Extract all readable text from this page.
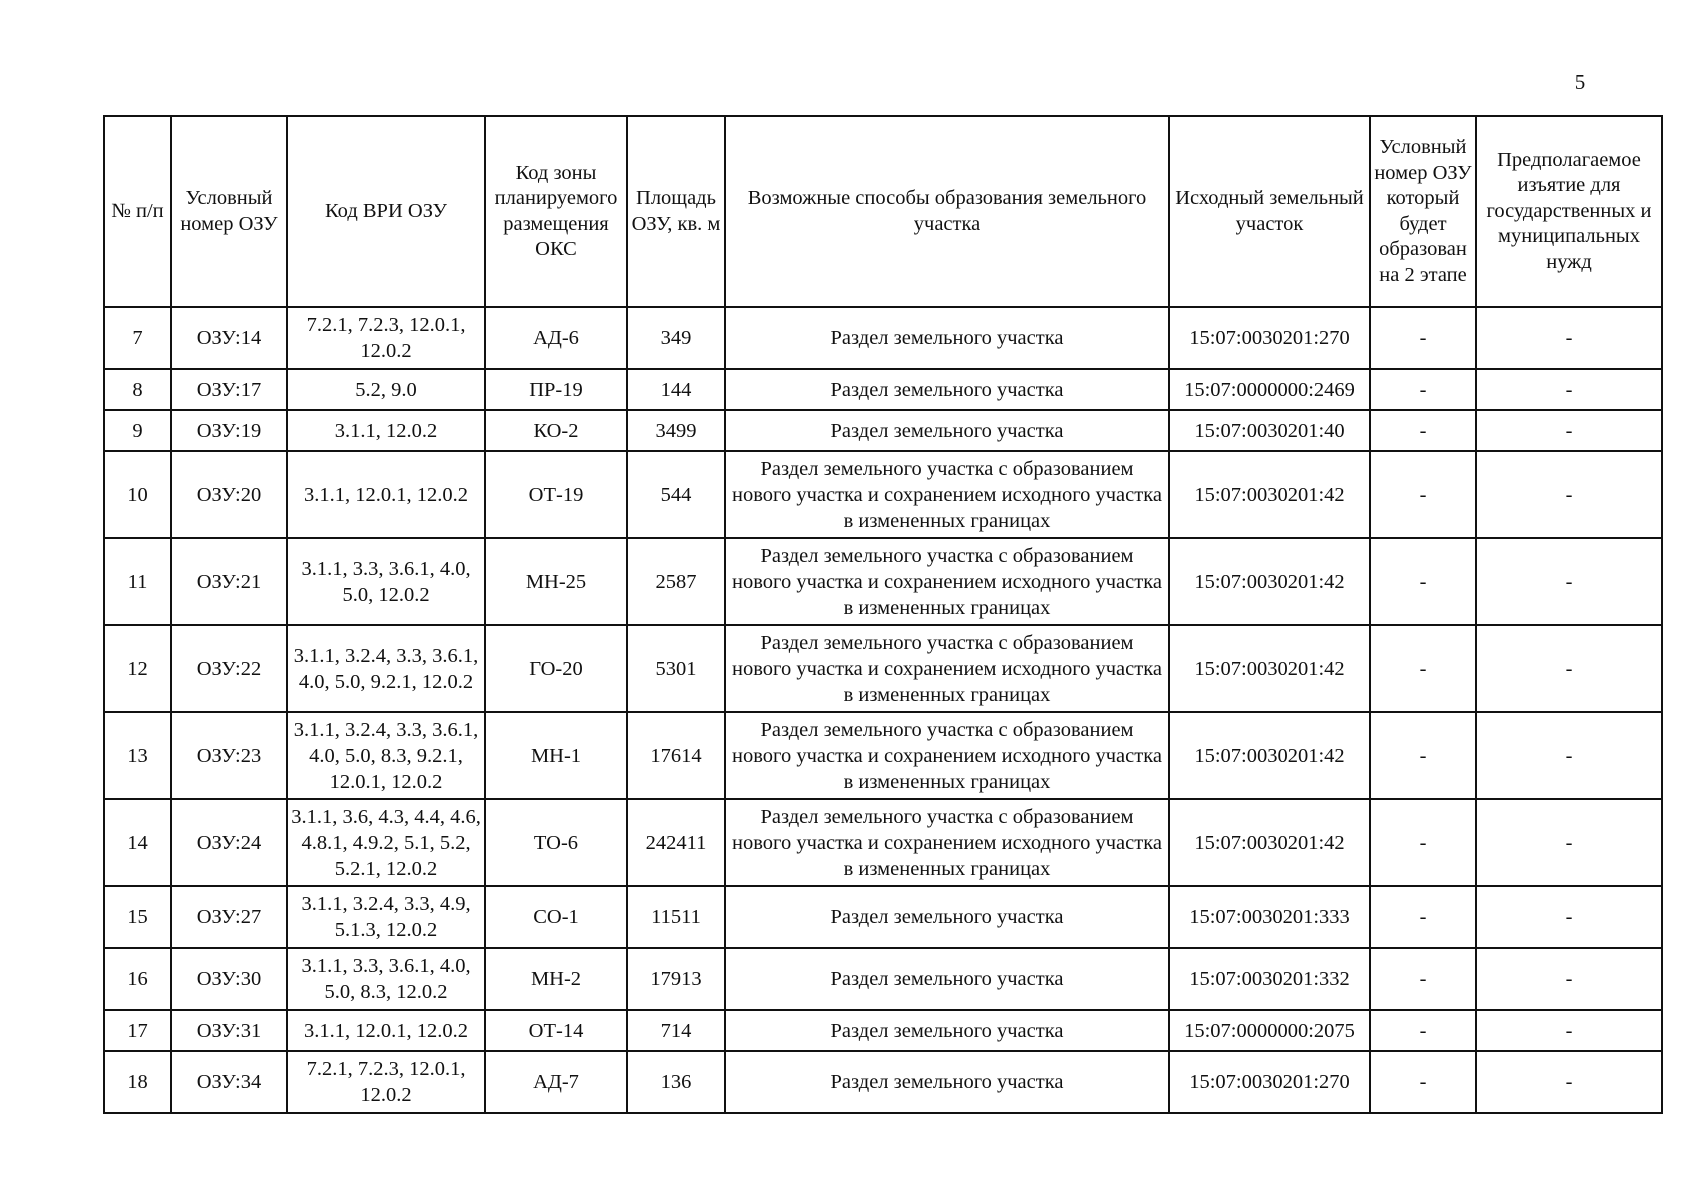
5
№ п/п	Условный номер ОЗУ	Код ВРИ ОЗУ	Код зоны планируемого размещения ОКС	Площадь ОЗУ, кв. м	Возможные способы образования земельного участка	Исходный земельный участок	Условный номер ОЗУ который будет образован на 2 этапе	Предполагаемое изъятие для государственных и муниципальных нужд
7	ОЗУ:14	7.2.1, 7.2.3, 12.0.1, 12.0.2	АД-6	349	Раздел земельного участка	15:07:0030201:270	-	-
8	ОЗУ:17	5.2, 9.0	ПР-19	144	Раздел земельного участка	15:07:0000000:2469	-	-
9	ОЗУ:19	3.1.1, 12.0.2	КО-2	3499	Раздел земельного участка	15:07:0030201:40	-	-
10	ОЗУ:20	3.1.1, 12.0.1, 12.0.2	ОТ-19	544	Раздел земельного участка с образованием нового участка и сохранением исходного участка в измененных границах	15:07:0030201:42	-	-
11	ОЗУ:21	3.1.1, 3.3, 3.6.1, 4.0, 5.0, 12.0.2	МН-25	2587	Раздел земельного участка с образованием нового участка и сохранением исходного участка в измененных границах	15:07:0030201:42	-	-
12	ОЗУ:22	3.1.1, 3.2.4, 3.3, 3.6.1, 4.0, 5.0, 9.2.1, 12.0.2	ГО-20	5301	Раздел земельного участка с образованием нового участка и сохранением исходного участка в измененных границах	15:07:0030201:42	-	-
13	ОЗУ:23	3.1.1, 3.2.4, 3.3, 3.6.1, 4.0, 5.0, 8.3, 9.2.1, 12.0.1, 12.0.2	МН-1	17614	Раздел земельного участка с образованием нового участка и сохранением исходного участка в измененных границах	15:07:0030201:42	-	-
14	ОЗУ:24	3.1.1, 3.6, 4.3, 4.4, 4.6, 4.8.1, 4.9.2, 5.1, 5.2, 5.2.1, 12.0.2	ТО-6	242411	Раздел земельного участка с образованием нового участка и сохранением исходного участка в измененных границах	15:07:0030201:42	-	-
15	ОЗУ:27	3.1.1, 3.2.4, 3.3, 4.9, 5.1.3, 12.0.2	СО-1	11511	Раздел земельного участка	15:07:0030201:333	-	-
16	ОЗУ:30	3.1.1, 3.3, 3.6.1, 4.0, 5.0, 8.3, 12.0.2	МН-2	17913	Раздел земельного участка	15:07:0030201:332	-	-
17	ОЗУ:31	3.1.1, 12.0.1, 12.0.2	ОТ-14	714	Раздел земельного участка	15:07:0000000:2075	-	-
18	ОЗУ:34	7.2.1, 7.2.3, 12.0.1, 12.0.2	АД-7	136	Раздел земельного участка	15:07:0030201:270	-	-
